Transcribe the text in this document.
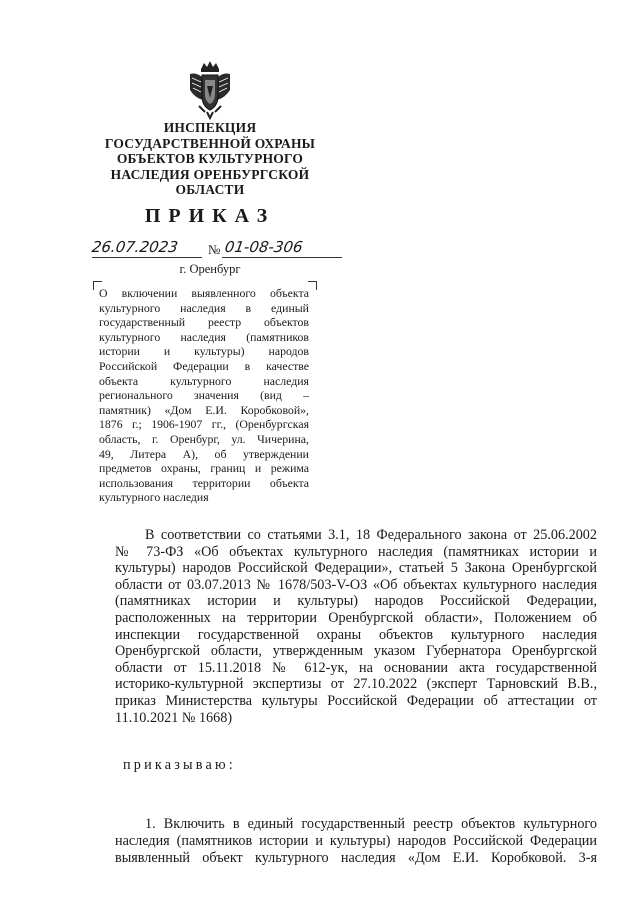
ИНСПЕКЦИЯ
ГОСУДАРСТВЕННОЙ ОХРАНЫ
ОБЪЕКТОВ КУЛЬТУРНОГО
НАСЛЕДИЯ ОРЕНБУРГСКОЙ
ОБЛАСТИ
ПРИКАЗ
26.07.2023 № 01-08-306
г. Оренбург
О включении выявленного объекта
культурного наследия в единый
государственный реестр объектов
культурного наследия (памятников
истории и культуры) народов
Российской Федерации в качестве
объекта культурного наследия
регионального значения (вид –
памятник) «Дом Е.И. Коробковой»,
1876 г.; 1906-1907 гг., (Оренбургская
область, г. Оренбург, ул. Чичерина,
49, Литера А), об утверждении
предметов охраны, границ и режима
использования территории объекта
культурного наследия
В соответствии со статьями 3.1, 18 Федерального закона от 25.06.2002
№ 73-ФЗ «Об объектах культурного наследия (памятниках истории и
культуры) народов Российской Федерации», статьей 5 Закона Оренбургской
области от 03.07.2013 № 1678/503-V-ОЗ «Об объектах культурного наследия
(памятниках истории и культуры) народов Российской Федерации,
расположенных на территории Оренбургской области», Положением об
инспекции государственной охраны объектов культурного наследия
Оренбургской области, утвержденным указом Губернатора Оренбургской
области от 15.11.2018 № 612-ук, на основании акта государственной
историко-культурной экспертизы от 27.10.2022 (эксперт Тарновский В.В.,
приказ Министерства культуры Российской Федерации об аттестации от
11.10.2021 № 1668)
приказываю:
1. Включить в единый государственный реестр объектов культурного
наследия (памятников истории и культуры) народов Российской Федерации
выявленный объект культурного наследия «Дом Е.И. Коробковой. 3-я
